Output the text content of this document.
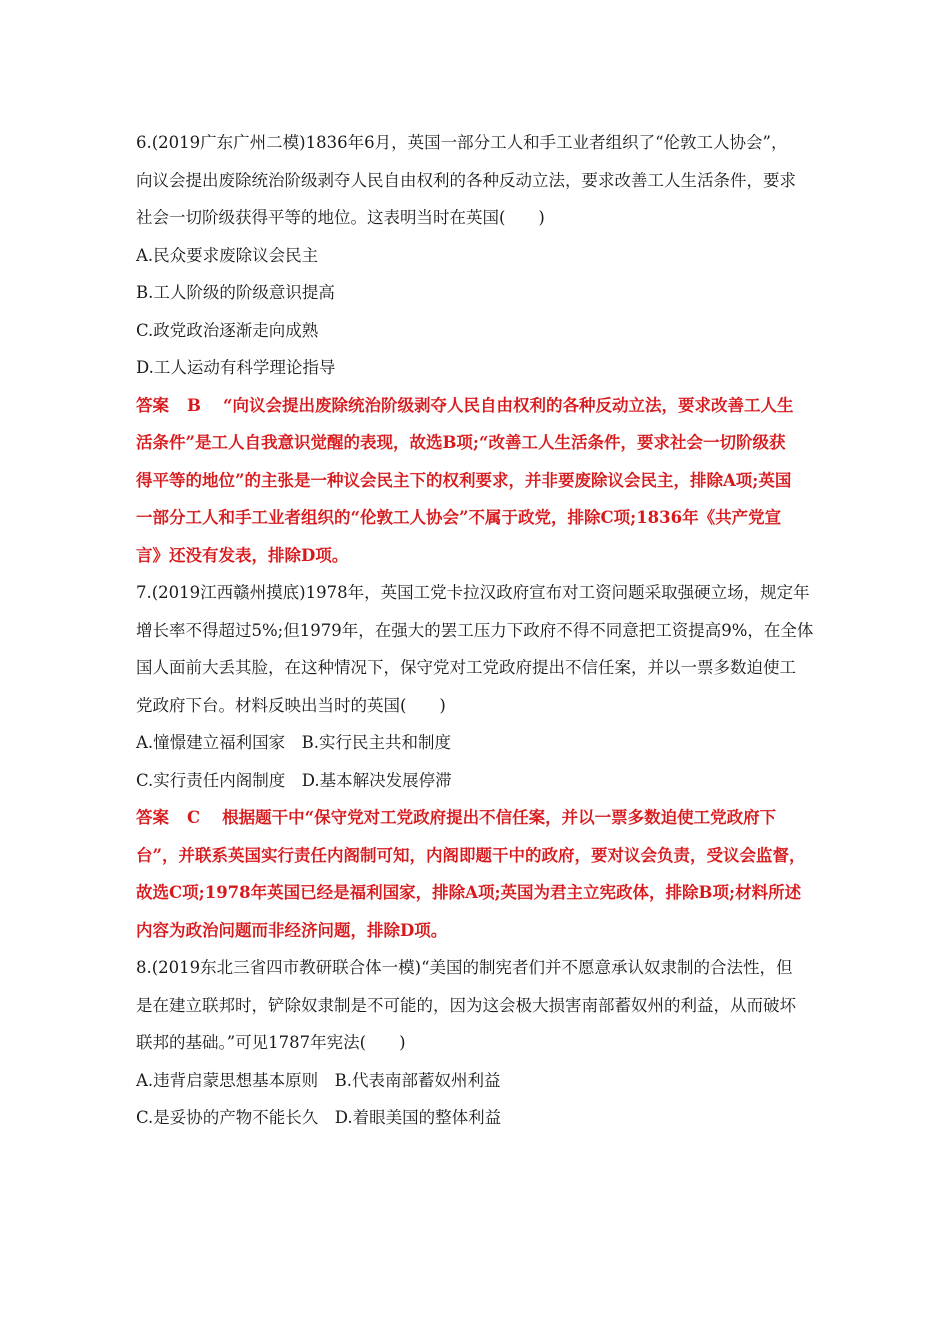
6.(2019广东广州二模)1836年6月，英国一部分工人和手工业者组织了“伦敦工人协会”，
向议会提出废除统治阶级剥夺人民自由权利的各种反动立法，要求改善工人生活条件，要求
社会一切阶级获得平等的地位。这表明当时在英国(　　)
A.民众要求废除议会民主
B.工人阶级的阶级意识提高
C.政党政治逐渐走向成熟
D.工人运动有科学理论指导
答案 B “向议会提出废除统治阶级剥夺人民自由权利的各种反动立法，要求改善工人生
活条件”是工人自我意识觉醒的表现，故选B项;“改善工人生活条件，要求社会一切阶级获
得平等的地位”的主张是一种议会民主下的权利要求，并非要废除议会民主，排除A项;英国
一部分工人和手工业者组织的“伦敦工人协会”不属于政党，排除C项;1836年《共产党宣
言》还没有发表，排除D项。
7.(2019江西赣州摸底)1978年，英国工党卡拉汉政府宣布对工资问题采取强硬立场，规定年
增长率不得超过5%;但1979年，在强大的罢工压力下政府不得不同意把工资提高9%，在全体
国人面前大丢其脸，在这种情况下，保守党对工党政府提出不信任案，并以一票多数迫使工
党政府下台。材料反映出当时的英国(　　)
A.憧憬建立福利国家　B.实行民主共和制度
C.实行责任内阁制度　D.基本解决发展停滞
答案 C 根据题干中“保守党对工党政府提出不信任案，并以一票多数迫使工党政府下
台”，并联系英国实行责任内阁制可知，内阁即题干中的政府，要对议会负责，受议会监督，
故选C项;1978年英国已经是福利国家，排除A项;英国为君主立宪政体，排除B项;材料所述
内容为政治问题而非经济问题，排除D项。
8.(2019东北三省四市教研联合体一模)“美国的制宪者们并不愿意承认奴隶制的合法性，但
是在建立联邦时，铲除奴隶制是不可能的，因为这会极大损害南部蓄奴州的利益，从而破坏
联邦的基础。”可见1787年宪法(　　)
A.违背启蒙思想基本原则　B.代表南部蓄奴州利益
C.是妥协的产物不能长久　D.着眼美国的整体利益
